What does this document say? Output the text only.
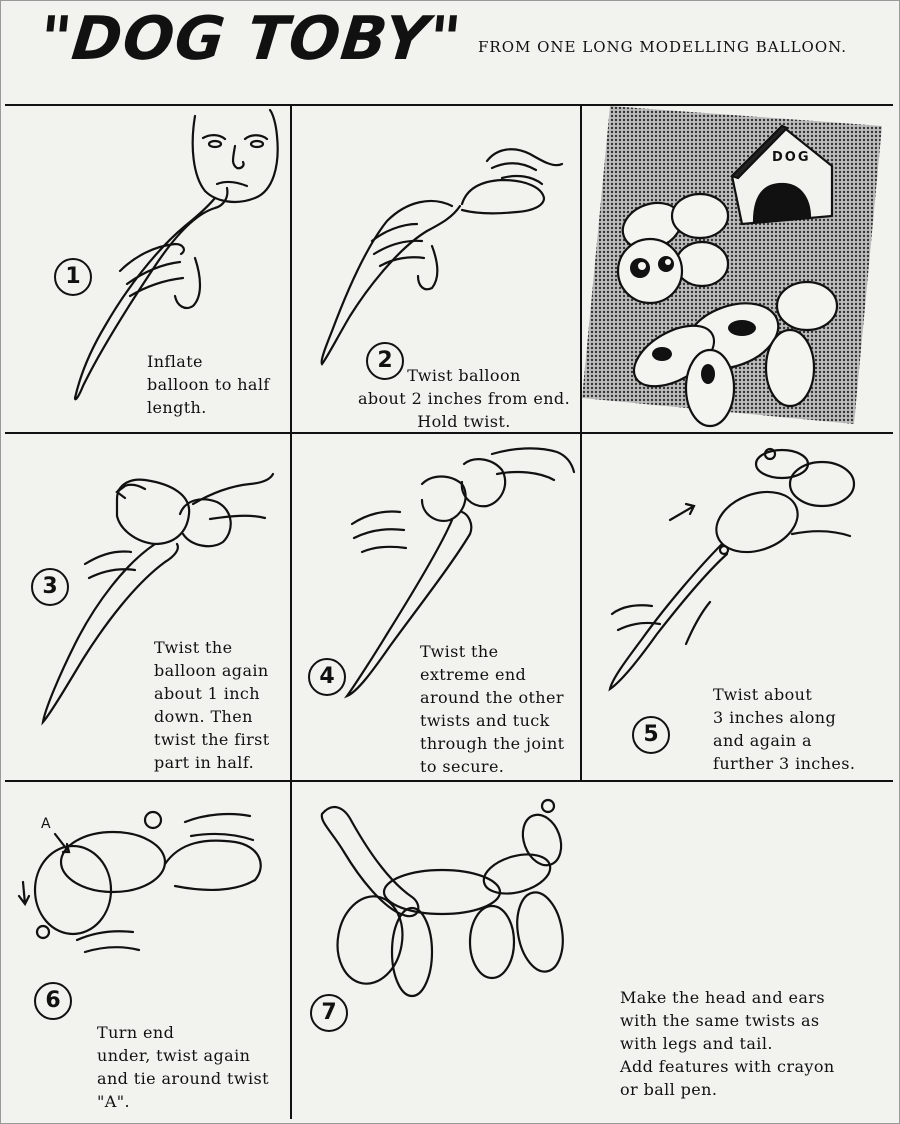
"DOG TOBY" FROM ONE LONG MODELLING BALLOON.
1
Inflate
balloon to half
length.
2
Twist balloon
about 2 inches from end.
Hold twist.
DOG
3
Twist the
balloon again
about 1 inch
down. Then
twist the first
part in half.
4
Twist the
extreme end
around the other
twists and tuck
through the joint
to secure.
5
Twist about
3 inches along
and again a
further 3 inches.
A
6
Turn end
under, twist again
and tie around twist
"A".
7
Make the head and ears
with the same twists as
with legs and tail.
Add features with crayon
or ball pen.
